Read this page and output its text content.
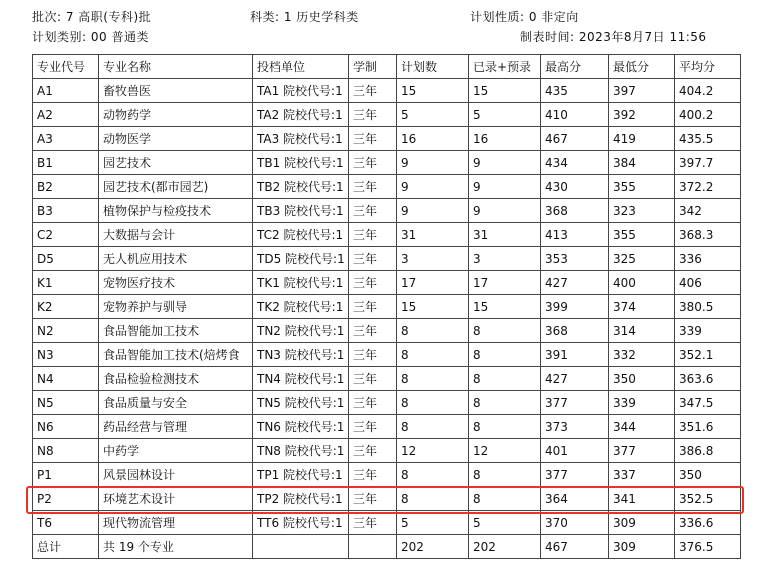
批次: 7 高职(专科)批	科类: 1 历史学科类	计划性质: 0 非定向
计划类别: 00 普通类	制表时间: 2023年8月7日 11:56
专业代号	专业名称	投档单位	学制	计划数	已录+预录	最高分	最低分	平均分
A1	畜牧兽医	TA1 院校代号:1	三年	15	15	435	397	404.2
A2	动物药学	TA2 院校代号:1	三年	5	5	410	392	400.2
A3	动物医学	TA3 院校代号:1	三年	16	16	467	419	435.5
B1	园艺技术	TB1 院校代号:1	三年	9	9	434	384	397.7
B2	园艺技术(都市园艺)	TB2 院校代号:1	三年	9	9	430	355	372.2
B3	植物保护与检疫技术	TB3 院校代号:1	三年	9	9	368	323	342
C2	大数据与会计	TC2 院校代号:1	三年	31	31	413	355	368.3
D5	无人机应用技术	TD5 院校代号:1	三年	3	3	353	325	336
K1	宠物医疗技术	TK1 院校代号:1	三年	17	17	427	400	406
K2	宠物养护与驯导	TK2 院校代号:1	三年	15	15	399	374	380.5
N2	食品智能加工技术	TN2 院校代号:1	三年	8	8	368	314	339
N3	食品智能加工技术(焙烤食	TN3 院校代号:1	三年	8	8	391	332	352.1
N4	食品检验检测技术	TN4 院校代号:1	三年	8	8	427	350	363.6
N5	食品质量与安全	TN5 院校代号:1	三年	8	8	377	339	347.5
N6	药品经营与管理	TN6 院校代号:1	三年	8	8	373	344	351.6
N8	中药学	TN8 院校代号:1	三年	12	12	401	377	386.8
P1	风景园林设计	TP1 院校代号:1	三年	8	8	377	337	350
P2	环境艺术设计	TP2 院校代号:1	三年	8	8	364	341	352.5
T6	现代物流管理	TT6 院校代号:1	三年	5	5	370	309	336.6
总计	共 19 个专业			202	202	467	309	376.5
